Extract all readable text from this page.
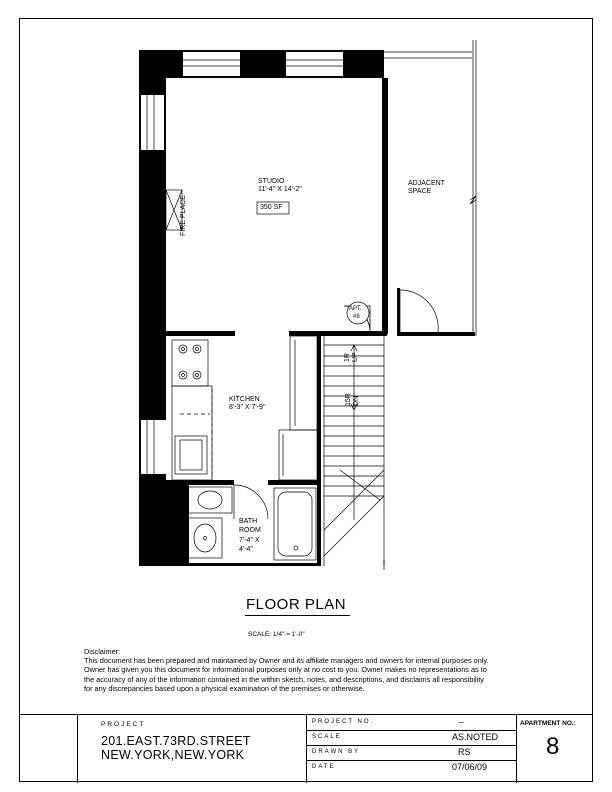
STUDIO
11'-4" X 14'-2"
350 SF
FIRE PLACE
ADJACENT
SPACE
APT.
#8
1R UP
15R DN
KITCHEN
8'-3" X 7'-9"
BATH
ROOM
7'-4" X
4'-4"
FLOOR PLAN
SCALE: 1/4" = 1'-0"

Disclaimer:

This document has been prepared and maintained by Owner and its affiliate managers and owners for internal purposes only.

Owner has given you this document for informational purposes only at no cost to you. Owner makes no representations as to

the accuracy of any of the information contained in the within sketch, notes, and descriptions, and disclaims all responsibility

for any discrepancies based upon a physical examination of the premises or otherwise.

PROJECT
201.EAST.73RD.STREET
NEW.YORK,NEW.YORK
PROJECT NO.	--
SCALE	AS.NOTED
DRAWN BY	RS
DATE	07/06/09
APARTMENT NO.:
8
